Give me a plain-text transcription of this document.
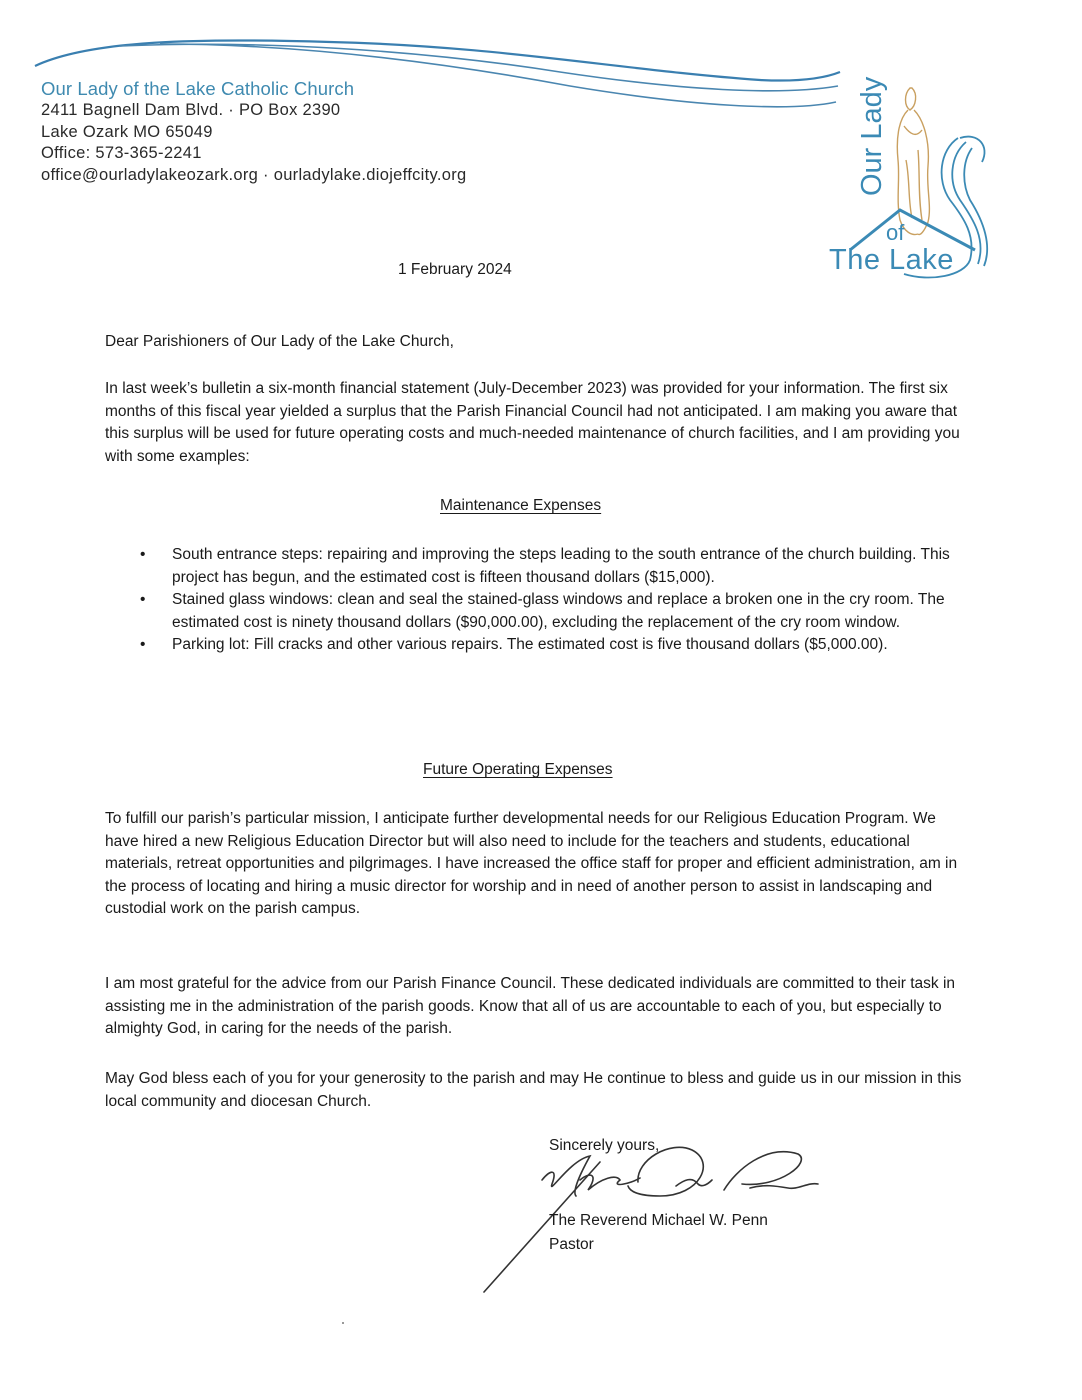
Our Lady of the Lake Catholic Church
2411 Bagnell Dam Blvd. · PO Box 2390
Lake Ozark MO 65049
Office: 573-365-2241
office@ourladylakeozark.org · ourladylake.diojeffcity.org	Our Lady
of
The Lake
1 February 2024
Dear Parishioners of Our Lady of the Lake Church,
In last week’s bulletin a six-month financial statement (July-December 2023) was provided for your information. The first six months of this fiscal year yielded a surplus that the Parish Financial Council had not anticipated. I am making you aware that this surplus will be used for future operating costs and much-needed maintenance of church facilities, and I am providing you with some examples:
Maintenance Expenses
•	South entrance steps: repairing and improving the steps leading to the south entrance of the church building. This project has begun, and the estimated cost is fifteen thousand dollars ($15,000).
•	Stained glass windows: clean and seal the stained-glass windows and replace a broken one in the cry room. The estimated cost is ninety thousand dollars ($90,000.00), excluding the replacement of the cry room window.
•	Parking lot: Fill cracks and other various repairs. The estimated cost is five thousand dollars ($5,000.00).
Future Operating Expenses
To fulfill our parish’s particular mission, I anticipate further developmental needs for our Religious Education Program. We have hired a new Religious Education Director but will also need to include for the teachers and students, educational materials, retreat opportunities and pilgrimages. I have increased the office staff for proper and efficient administration, am in the process of locating and hiring a music director for worship and in need of another person to assist in landscaping and custodial work on the parish campus.
I am most grateful for the advice from our Parish Finance Council. These dedicated individuals are committed to their task in assisting me in the administration of the parish goods. Know that all of us are accountable to each of you, but especially to almighty God, in caring for the needs of the parish.
May God bless each of you for your generosity to the parish and may He continue to bless and guide us in our mission in this local community and diocesan Church.
Sincerely yours,
The Reverend Michael W. Penn
Pastor
